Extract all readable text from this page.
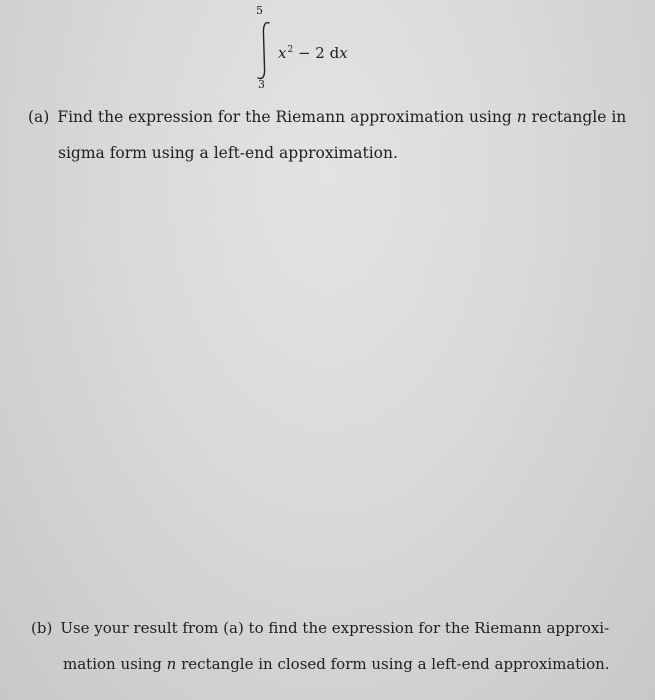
5
3
$x^2 - 2$ dx
(a) Find the expression for the Riemann approximation using n rectangle in
sigma form using a left-end approximation.
(b) Use your result from (a) to find the expression for the Riemann approxi-
mation using n rectangle in closed form using a left-end approximation.
